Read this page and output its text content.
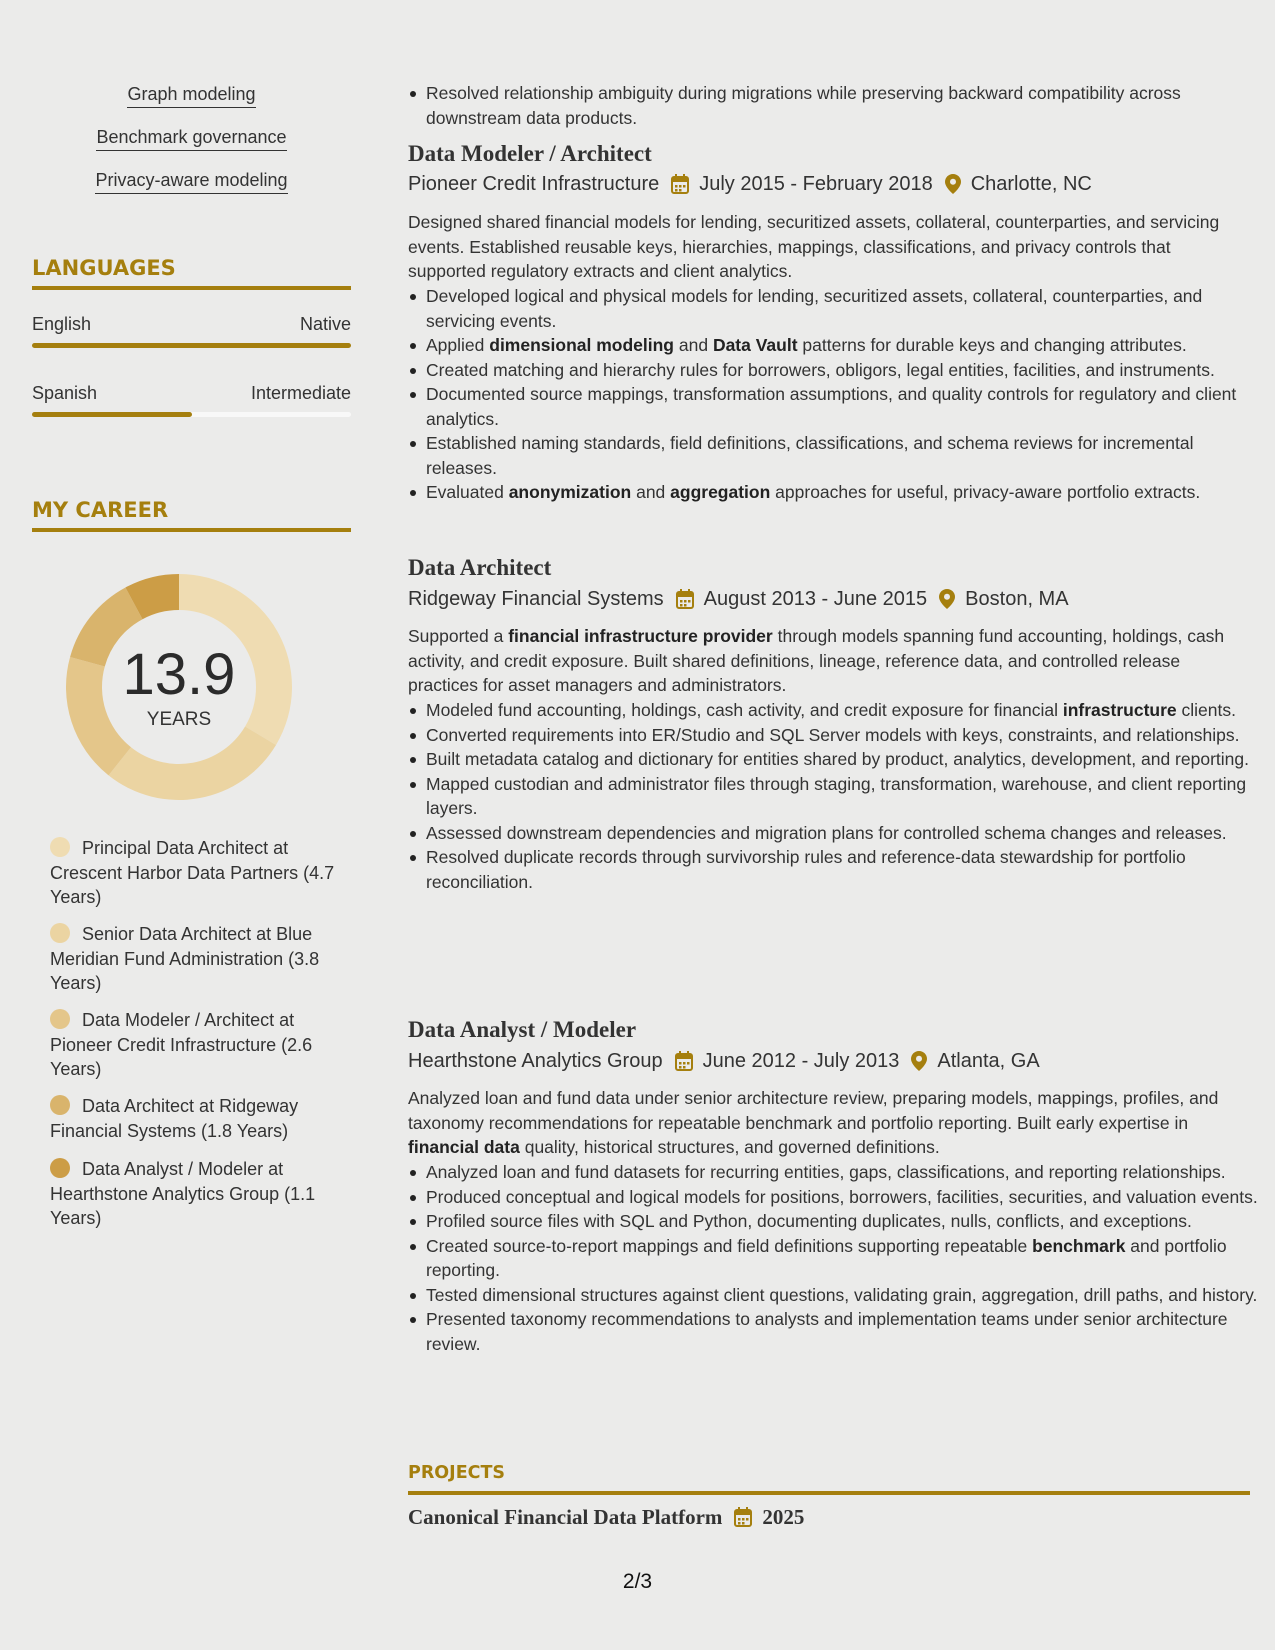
Graph modeling
Benchmark governance
Privacy-aware modeling
LANGUAGES
English	Native
Spanish	Intermediate
MY CAREER
13.9
YEARS
Principal Data Architect at Crescent Harbor Data Partners (4.7 Years)
Senior Data Architect at Blue Meridian Fund Administration (3.8 Years)
Data Modeler / Architect at Pioneer Credit Infrastructure (2.6 Years)
Data Architect at Ridgeway Financial Systems (1.8 Years)
Data Analyst / Modeler at Hearthstone Analytics Group (1.1 Years)
Resolved relationship ambiguity during migrations while preserving backward compatibility across downstream data products.
Data Modeler / Architect
Pioneer Credit Infrastructure July 2015 - February 2018 Charlotte, NC
Designed shared financial models for lending, securitized assets, collateral, counterparties, and servicing events. Established reusable keys, hierarchies, mappings, classifications, and privacy controls that supported regulatory extracts and client analytics.
Developed logical and physical models for lending, securitized assets, collateral, counterparties, and servicing events.
Applied dimensional modeling and Data Vault patterns for durable keys and changing attributes.
Created matching and hierarchy rules for borrowers, obligors, legal entities, facilities, and instruments.
Documented source mappings, transformation assumptions, and quality controls for regulatory and client analytics.
Established naming standards, field definitions, classifications, and schema reviews for incremental releases.
Evaluated anonymization and aggregation approaches for useful, privacy-aware portfolio extracts.
Data Architect
Ridgeway Financial Systems August 2013 - June 2015 Boston, MA
Supported a financial infrastructure provider through models spanning fund accounting, holdings, cash activity, and credit exposure. Built shared definitions, lineage, reference data, and controlled release practices for asset managers and administrators.
Modeled fund accounting, holdings, cash activity, and credit exposure for financial infrastructure clients.
Converted requirements into ER/Studio and SQL Server models with keys, constraints, and relationships.
Built metadata catalog and dictionary for entities shared by product, analytics, development, and reporting.
Mapped custodian and administrator files through staging, transformation, warehouse, and client reporting layers.
Assessed downstream dependencies and migration plans for controlled schema changes and releases.
Resolved duplicate records through survivorship rules and reference-data stewardship for portfolio reconciliation.
Data Analyst / Modeler
Hearthstone Analytics Group June 2012 - July 2013 Atlanta, GA
Analyzed loan and fund data under senior architecture review, preparing models, mappings, profiles, and taxonomy recommendations for repeatable benchmark and portfolio reporting. Built early expertise in financial data quality, historical structures, and governed definitions.
Analyzed loan and fund datasets for recurring entities, gaps, classifications, and reporting relationships.
Produced conceptual and logical models for positions, borrowers, facilities, securities, and valuation events.
Profiled source files with SQL and Python, documenting duplicates, nulls, conflicts, and exceptions.
Created source-to-report mappings and field definitions supporting repeatable benchmark and portfolio reporting.
Tested dimensional structures against client questions, validating grain, aggregation, drill paths, and history.
Presented taxonomy recommendations to analysts and implementation teams under senior architecture review.
PROJECTS
Canonical Financial Data Platform 2025
2/3
